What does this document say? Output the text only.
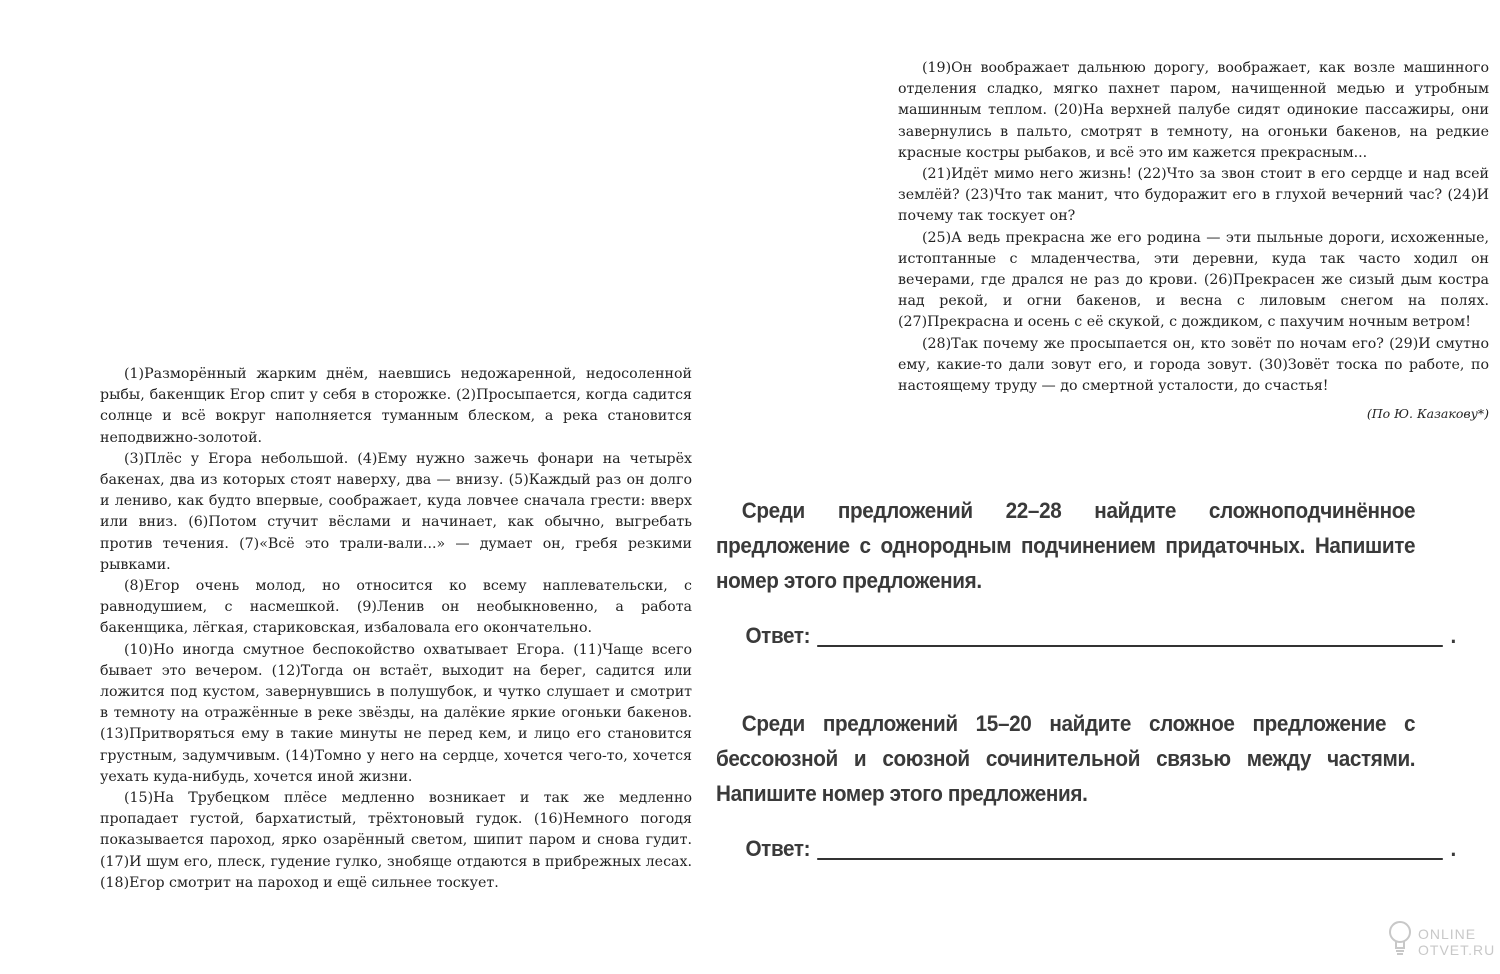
(1)Разморённый жарким днём, наевшись недожаренной, недосоленной рыбы, бакенщик Егор спит у себя в сторожке. (2)Просыпается, когда садится солнце и всё вокруг наполняется туманным блеском, а река становится неподвижно-золотой.

(3)Плёс у Егора небольшой. (4)Ему нужно зажечь фонари на четырёх бакенах, два из которых стоят наверху, два — внизу. (5)Каждый раз он долго и лениво, как будто впервые, соображает, куда ловчее сначала грести: вверх или вниз. (6)Потом стучит вёслами и начинает, как обычно, выгребать против течения. (7)«Всё это трали-вали...» — думает он, гребя резкими рывками.

(8)Егор очень молод, но относится ко всему наплевательски, с равнодушием, с насмешкой. (9)Ленив он необыкновенно, а работа бакенщика, лёгкая, стариковская, избаловала его окончательно.

(10)Но иногда смутное беспокойство охватывает Егора. (11)Чаще всего бывает это вечером. (12)Тогда он встаёт, выходит на берег, садится или ложится под кустом, завернувшись в полушубок, и чутко слушает и смотрит в темноту на отражённые в реке звёзды, на далёкие яркие огоньки бакенов. (13)Притворяться ему в такие минуты не перед кем, и лицо его становится грустным, задумчивым. (14)Томно у него на сердце, хочется чего-то, хочется уехать куда-нибудь, хочется иной жизни.

(15)На Трубецком плёсе медленно возникает и так же медленно пропадает густой, бархатистый, трёхтоновый гудок. (16)Немного погодя показывается пароход, ярко озарённый светом, шипит паром и снова гудит. (17)И шум его, плеск, гудение гулко, знобяще отдаются в прибрежных лесах. (18)Егор смотрит на пароход и ещё сильнее тоскует.

(19)Он воображает дальнюю дорогу, воображает, как возле машинного отделения сладко, мягко пахнет паром, начищенной медью и утробным машинным теплом. (20)На верхней палубе сидят одинокие пассажиры, они завернулись в пальто, смотрят в темноту, на огоньки бакенов, на редкие красные костры рыбаков, и всё это им кажется прекрасным...

(21)Идёт мимо него жизнь! (22)Что за звон стоит в его сердце и над всей землёй? (23)Что так манит, что будоражит его в глухой вечерний час? (24)И почему так тоскует он?

(25)А ведь прекрасна же его родина — эти пыльные дороги, исхоженные, истоптанные с младенчества, эти деревни, куда так часто ходил он вечерами, где дрался не раз до крови. (26)Прекрасен же сизый дым костра над рекой, и огни бакенов, и весна с лиловым снегом на полях. (27)Прекрасна и осень с её скукой, с дождиком, с пахучим ночным ветром!

(28)Так почему же просыпается он, кто зовёт по ночам его? (29)И смутно ему, какие-то дали зовут его, и города зовут. (30)Зовёт тоска по работе, по настоящему труду — до смертной усталости, до счастья!

(По Ю. Казакову*)

Среди предложений 22–28 найдите сложноподчинённое предложение с однородным подчинением придаточных. Напишите номер этого предложения.
Ответ:	.
Среди предложений 15–20 найдите сложное предложение с бессоюзной и союзной сочинительной связью между частями. Напишите номер этого предложения.
Ответ:	.
ONLINE
OTVET.RU
